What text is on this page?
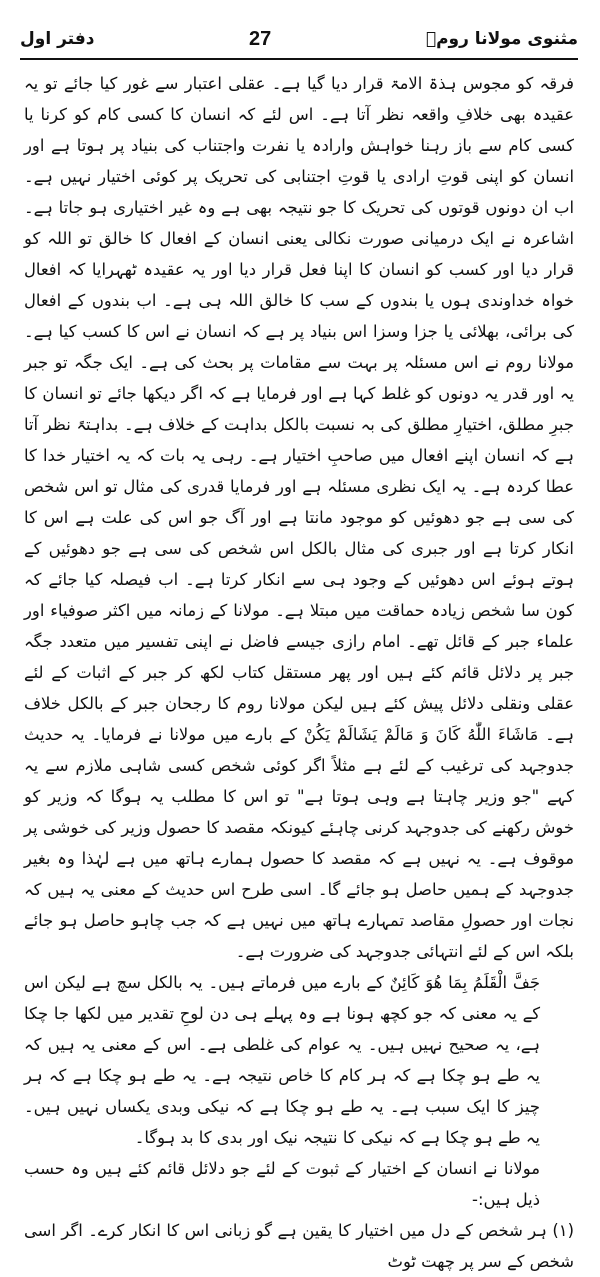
دفتر اول	27	مثنوی مولانا رومؒ

فرقہ کو مجوس ہذۃ الامۃ قرار دیا گیا ہے۔ عقلی اعتبار سے غور کیا جائے تو یہ عقیدہ بھی خلافِ واقعہ نظر آتا ہے۔ اس لئے کہ انسان کا کسی کام کو کرنا یا کسی کام سے باز رہنا خواہش وارادہ یا نفرت واجتناب کی بنیاد پر ہوتا ہے اور انسان کو اپنی قوتِ ارادی یا قوتِ اجتنابی کی تحریک پر کوئی اختیار نہیں ہے۔ اب ان دونوں قوتوں کی تحریک کا جو نتیجہ بھی ہے وہ غیر اختیاری ہو جاتا ہے۔ اشاعرہ نے ایک درمیانی صورت نکالی یعنی انسان کے افعال کا خالق تو اللہ کو قرار دیا اور کسب کو انسان کا اپنا فعل قرار دیا اور یہ عقیدہ ٹھہرایا کہ افعال خواہ خداوندی ہوں یا بندوں کے سب کا خالق اللہ ہی ہے۔ اب بندوں کے افعال کی برائی، بھلائی یا جزا وسزا اس بنیاد پر ہے کہ انسان نے اس کا کسب کیا ہے۔ مولانا روم نے اس مسئلہ پر بہت سے مقامات پر بحث کی ہے۔ ایک جگہ تو جبر یہ اور قدر یہ دونوں کو غلط کہا ہے اور فرمایا ہے کہ اگر دیکھا جائے تو انسان کا جبرِ مطلق، اختیارِ مطلق کی بہ نسبت بالکل بداہت کے خلاف ہے۔ بداہتہً نظر آتا ہے کہ انسان اپنے افعال میں صاحبِ اختیار ہے۔ رہی یہ بات کہ یہ اختیار خدا کا عطا کردہ ہے۔ یہ ایک نظری مسئلہ ہے اور فرمایا قدری کی مثال تو اس شخص کی سی ہے جو دھوئیں کو موجود مانتا ہے اور آگ جو اس کی علت ہے اس کا انکار کرتا ہے اور جبری کی مثال بالکل اس شخص کی سی ہے جو دھوئیں کے ہوتے ہوئے اس دھوئیں کے وجود ہی سے انکار کرتا ہے۔ اب فیصلہ کیا جائے کہ کون سا شخص زیادہ حماقت میں مبتلا ہے۔ مولانا کے زمانہ میں اکثر صوفیاء اور علماء جبر کے قائل تھے۔ امام رازی جیسے فاضل نے اپنی تفسیر میں متعدد جگہ جبر پر دلائل قائم کئے ہیں اور پھر مستقل کتاب لکھ کر جبر کے اثبات کے لئے عقلی ونقلی دلائل پیش کئے ہیں لیکن مولانا روم کا رجحان جبر کے بالکل خلاف ہے۔ مَاشَاءَ اللّٰهُ كَانَ وَ مَالَمْ يَشَالَمْ يَكُنْ کے بارے میں مولانا نے فرمایا۔ یہ حدیث جدوجہد کی ترغیب کے لئے ہے مثلاً اگر کوئی شخص کسی شاہی ملازم سے یہ کہے "جو وزیر چاہتا ہے وہی ہوتا ہے" تو اس کا مطلب یہ ہوگا کہ وزیر کو خوش رکھنے کی جدوجہد کرنی چاہئے کیونکہ مقصد کا حصول وزیر کی خوشی پر موقوف ہے۔ یہ نہیں ہے کہ مقصد کا حصول ہمارے ہاتھ میں ہے لہٰذا وہ بغیر جدوجہد کے ہمیں حاصل ہو جائے گا۔ اسی طرح اس حدیث کے معنی یہ ہیں کہ نجات اور حصولِ مقاصد تمہارے ہاتھ میں نہیں ہے کہ جب چاہو حاصل ہو جائے بلکہ اس کے لئے انتہائی جدوجہد کی ضرورت ہے۔

جَفَّ الْقَلَمُ بِمَا هُوَ كَائِنٌ کے بارے میں فرماتے ہیں۔ یہ بالکل سچ ہے لیکن اس کے یہ معنی کہ جو کچھ ہونا ہے وہ پہلے ہی دن لوحِ تقدیر میں لکھا جا چکا ہے، یہ صحیح نہیں ہیں۔ یہ عوام کی غلطی ہے۔ اس کے معنی یہ ہیں کہ یہ طے ہو چکا ہے کہ ہر کام کا خاص نتیجہ ہے۔ یہ طے ہو چکا ہے کہ ہر چیز کا ایک سبب ہے۔ یہ طے ہو چکا ہے کہ نیکی وبدی یکساں نہیں ہیں۔ یہ طے ہو چکا ہے کہ نیکی کا نتیجہ نیک اور بدی کا بد ہوگا۔

مولانا نے انسان کے اختیار کے ثبوت کے لئے جو دلائل قائم کئے ہیں وہ حسب ذیل ہیں:-

(۱) ہر شخص کے دل میں اختیار کا یقین ہے گو زبانی اس کا انکار کرے۔ اگر اسی شخص کے سر پر چھت ٹوٹ
